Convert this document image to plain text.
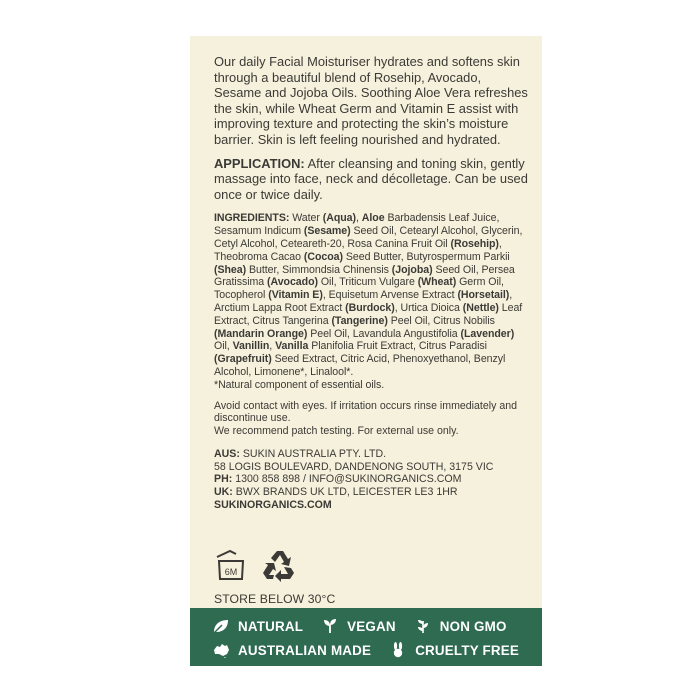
Our daily Facial Moisturiser hydrates and softens skin through a beautiful blend of Rosehip, Avocado, Sesame and Jojoba Oils. Soothing Aloe Vera refreshes the skin, while Wheat Germ and Vitamin E assist with improving texture and protecting the skin’s moisture barrier. Skin is left feeling nourished and hydrated.

APPLICATION: After cleansing and toning skin, gently massage into face, neck and décolletage. Can be used once or twice daily.

INGREDIENTS: Water (Aqua), Aloe Barbadensis Leaf Juice, Sesamum Indicum (Sesame) Seed Oil, Cetearyl Alcohol, Glycerin, Cetyl Alcohol, Ceteareth-20, Rosa Canina Fruit Oil (Rosehip), Theobroma Cacao (Cocoa) Seed Butter, Butyrospermum Parkii (Shea) Butter, Simmondsia Chinensis (Jojoba) Seed Oil, Persea Gratissima (Avocado) Oil, Triticum Vulgare (Wheat) Germ Oil, Tocopherol (Vitamin E), Equisetum Arvense Extract (Horsetail), Arctium Lappa Root Extract (Burdock), Urtica Dioica (Nettle) Leaf Extract, Citrus Tangerina (Tangerine) Peel Oil, Citrus Nobilis (Mandarin Orange) Peel Oil, Lavandula Angustifolia (Lavender) Oil, Vanillin, Vanilla Planifolia Fruit Extract, Citrus Paradisi (Grapefruit) Seed Extract, Citric Acid, Phenoxyethanol, Benzyl Alcohol, Limonene*, Linalool*.
*Natural component of essential oils.

Avoid contact with eyes. If irritation occurs rinse immediately and discontinue use.
We recommend patch testing. For external use only.

AUS: SUKIN AUSTRALIA PTY. LTD.
58 LOGIS BOULEVARD, DANDENONG SOUTH, 3175 VIC
PH: 1300 858 898 / INFO@SUKINORGANICS.COM
UK: BWX BRANDS UK LTD, LEICESTER LE3 1HR
SUKINORGANICS.COM
6M
STORE BELOW 30°C
NATURAL	VEGAN	NON GMO
AUSTRALIAN MADE	CRUELTY FREE
